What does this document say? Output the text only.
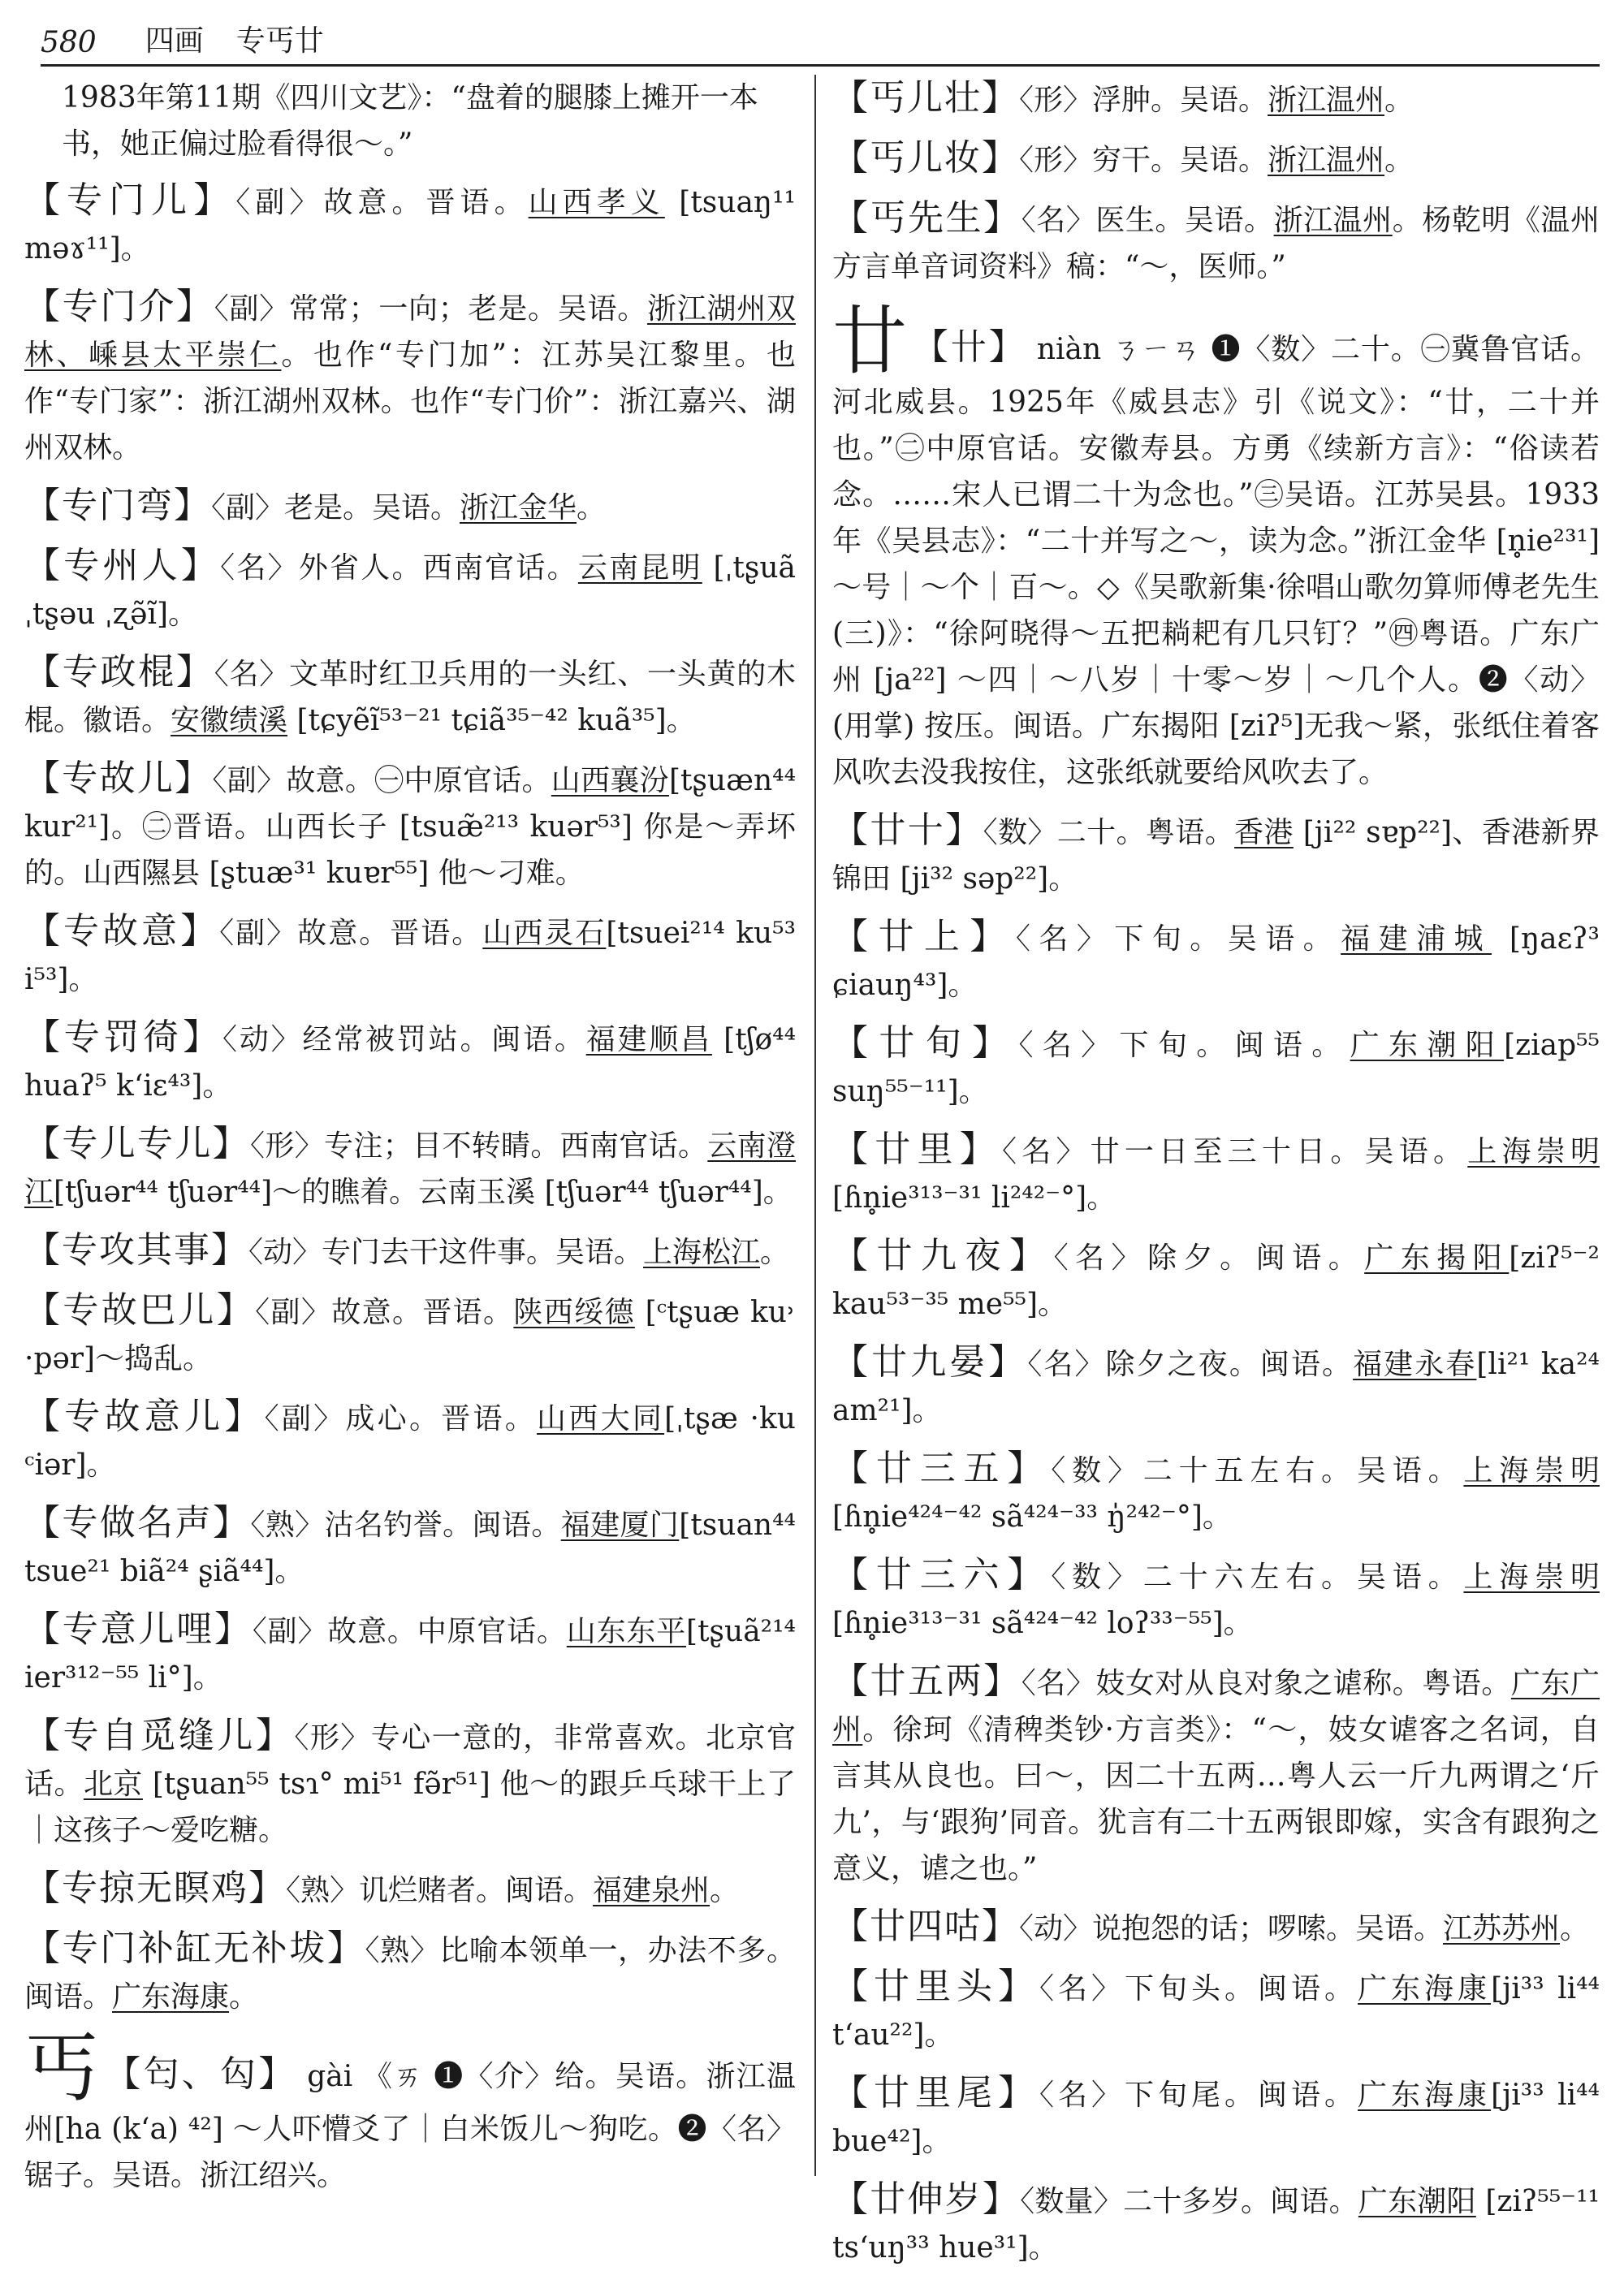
580 四画 专丐廿
1983年第11期《四川文艺》：“盘着的腿膝上摊开一本书，她正偏过脸看得很～。”
【专门儿】〈副〉故意。晋语。山西孝义 [tsuaŋ¹¹ məɤ¹¹]。
【专门介】〈副〉常常；一向；老是。吴语。浙江湖州双林、嵊县太平崇仁。也作“专门加”：江苏吴江黎里。也作“专门家”：浙江湖州双林。也作“专门价”：浙江嘉兴、湖州双林。
【专门弯】〈副〉老是。吴语。浙江金华。
【专州人】〈名〉外省人。西南官话。云南昆明 [ˌtʂuã ˌtʂəu ˌʐə̃ĩ]。
【专政棍】〈名〉文革时红卫兵用的一头红、一头黄的木棍。徽语。安徽绩溪 [tɕyẽĩ⁵³⁻²¹ tɕiã³⁵⁻⁴² kuã³⁵]。
【专故儿】〈副〉故意。㊀中原官话。山西襄汾[tʂuæn⁴⁴ kur²¹]。㊁晋语。山西长子 [tsuæ̃²¹³ kuər⁵³] 你是～弄坏的。山西隰县 [ʂtuæ³¹ kuɐr⁵⁵] 他～刁难。
【专故意】〈副〉故意。晋语。山西灵石[tsuei²¹⁴ ku⁵³ i⁵³]。
【专罚徛】〈动〉经常被罚站。闽语。福建顺昌 [tʃø⁴⁴ huaʔ⁵ k‘iɛ⁴³]。
【专儿专儿】〈形〉专注；目不转睛。西南官话。云南澄江[tʃuər⁴⁴ tʃuər⁴⁴]～的瞧着。云南玉溪 [tʃuər⁴⁴ tʃuər⁴⁴]。
【专攻其事】〈动〉专门去干这件事。吴语。上海松江。
【专故巴儿】〈副〉故意。晋语。陕西绥德 [ᶜtʂuæ ku˒ ·pər]～捣乱。
【专故意儿】〈副〉成心。晋语。山西大同[ˌtʂæ ·ku ᶜiər]。
【专做名声】〈熟〉沽名钓誉。闽语。福建厦门[tsuan⁴⁴ tsue²¹ biã²⁴ ʂiã⁴⁴]。
【专意儿哩】〈副〉故意。中原官话。山东东平[tʂuã²¹⁴ ier³¹²⁻⁵⁵ li°]。
【专自觅缝儿】〈形〉专心一意的，非常喜欢。北京官话。北京 [tʂuan⁵⁵ tsɿ° mi⁵¹ fə̃r⁵¹] 他～的跟乒乓球干上了｜这孩子～爱吃糖。
【专掠无瞑鸡】〈熟〉讥烂赌者。闽语。福建泉州。
【专门补缸无补坺】〈熟〉比喻本领单一，办法不多。闽语。广东海康。
丐 【匄、匃】 gài 《ㄞ ❶〈介〉给。吴语。浙江温州[ha (k‘a) ⁴²] ～人吓懵爻了｜白米饭儿～狗吃。❷〈名〉锯子。吴语。浙江绍兴。
【丐儿壮】〈形〉浮肿。吴语。浙江温州。
【丐儿妆】〈形〉穷干。吴语。浙江温州。
【丐先生】〈名〉医生。吴语。浙江温州。杨乾明《温州方言单音词资料》稿：“～，医师。”
廿 【卄】 niàn ㄋㄧㄢ ❶〈数〉二十。㊀冀鲁官话。河北威县。1925年《威县志》引《说文》：“廿，二十并也。”㊁中原官话。安徽寿县。方勇《续新方言》：“俗读若念。……宋人已谓二十为念也。”㊂吴语。江苏吴县。1933年《吴县志》：“二十并写之～，读为念。”浙江金华 [n̥ie²³¹] ～号｜～个｜百～。◇《吴歌新集·徐唱山歌勿算师傅老先生(三)》：“徐阿晓得～五把耥耙有几只钉？”㊃粤语。广东广州 [ja²²] ～四｜～八岁｜十零～岁｜～几个人。❷〈动〉(用掌) 按压。闽语。广东揭阳 [ziʔ⁵]无我～紧，张纸住着客风吹去没我按住，这张纸就要给风吹去了。
【廿十】〈数〉二十。粤语。香港 [ji²² sɐp²²]、香港新界锦田 [ji³² səp²²]。
【廿上】〈名〉下旬。吴语。福建浦城 [ŋaɛʔ³ ɕiauŋ⁴³]。
【廿旬】〈名〉下旬。闽语。广东潮阳[ziap⁵⁵ suŋ⁵⁵⁻¹¹]。
【廿里】〈名〉廿一日至三十日。吴语。上海崇明 [ɦn̥ie³¹³⁻³¹ li²⁴²⁻°]。
【廿九夜】〈名〉除夕。闽语。广东揭阳[ziʔ⁵⁻² kau⁵³⁻³⁵ me⁵⁵]。
【廿九晏】〈名〉除夕之夜。闽语。福建永春[li²¹ ka²⁴ am²¹]。
【廿三五】〈数〉二十五左右。吴语。上海崇明 [ɦn̥ie⁴²⁴⁻⁴² sã⁴²⁴⁻³³ ŋ̍²⁴²⁻°]。
【廿三六】〈数〉二十六左右。吴语。上海崇明 [ɦn̥ie³¹³⁻³¹ sã⁴²⁴⁻⁴² loʔ³³⁻⁵⁵]。
【廿五两】〈名〉妓女对从良对象之谑称。粤语。广东广州。徐珂《清稗类钞·方言类》：“～，妓女谑客之名词，自言其从良也。曰～，因二十五两…粤人云一斤九两谓之‘斤九’，与‘跟狗’同音。犹言有二十五两银即嫁，实含有跟狗之意义，谑之也。”
【廿四咕】〈动〉说抱怨的话；啰嗦。吴语。江苏苏州。
【廿里头】〈名〉下旬头。闽语。广东海康[ji³³ li⁴⁴ t‘au²²]。
【廿里尾】〈名〉下旬尾。闽语。广东海康[ji³³ li⁴⁴ bue⁴²]。
【廿伸岁】〈数量〉二十多岁。闽语。广东潮阳 [ziʔ⁵⁵⁻¹¹ ts‘uŋ³³ hue³¹]。
